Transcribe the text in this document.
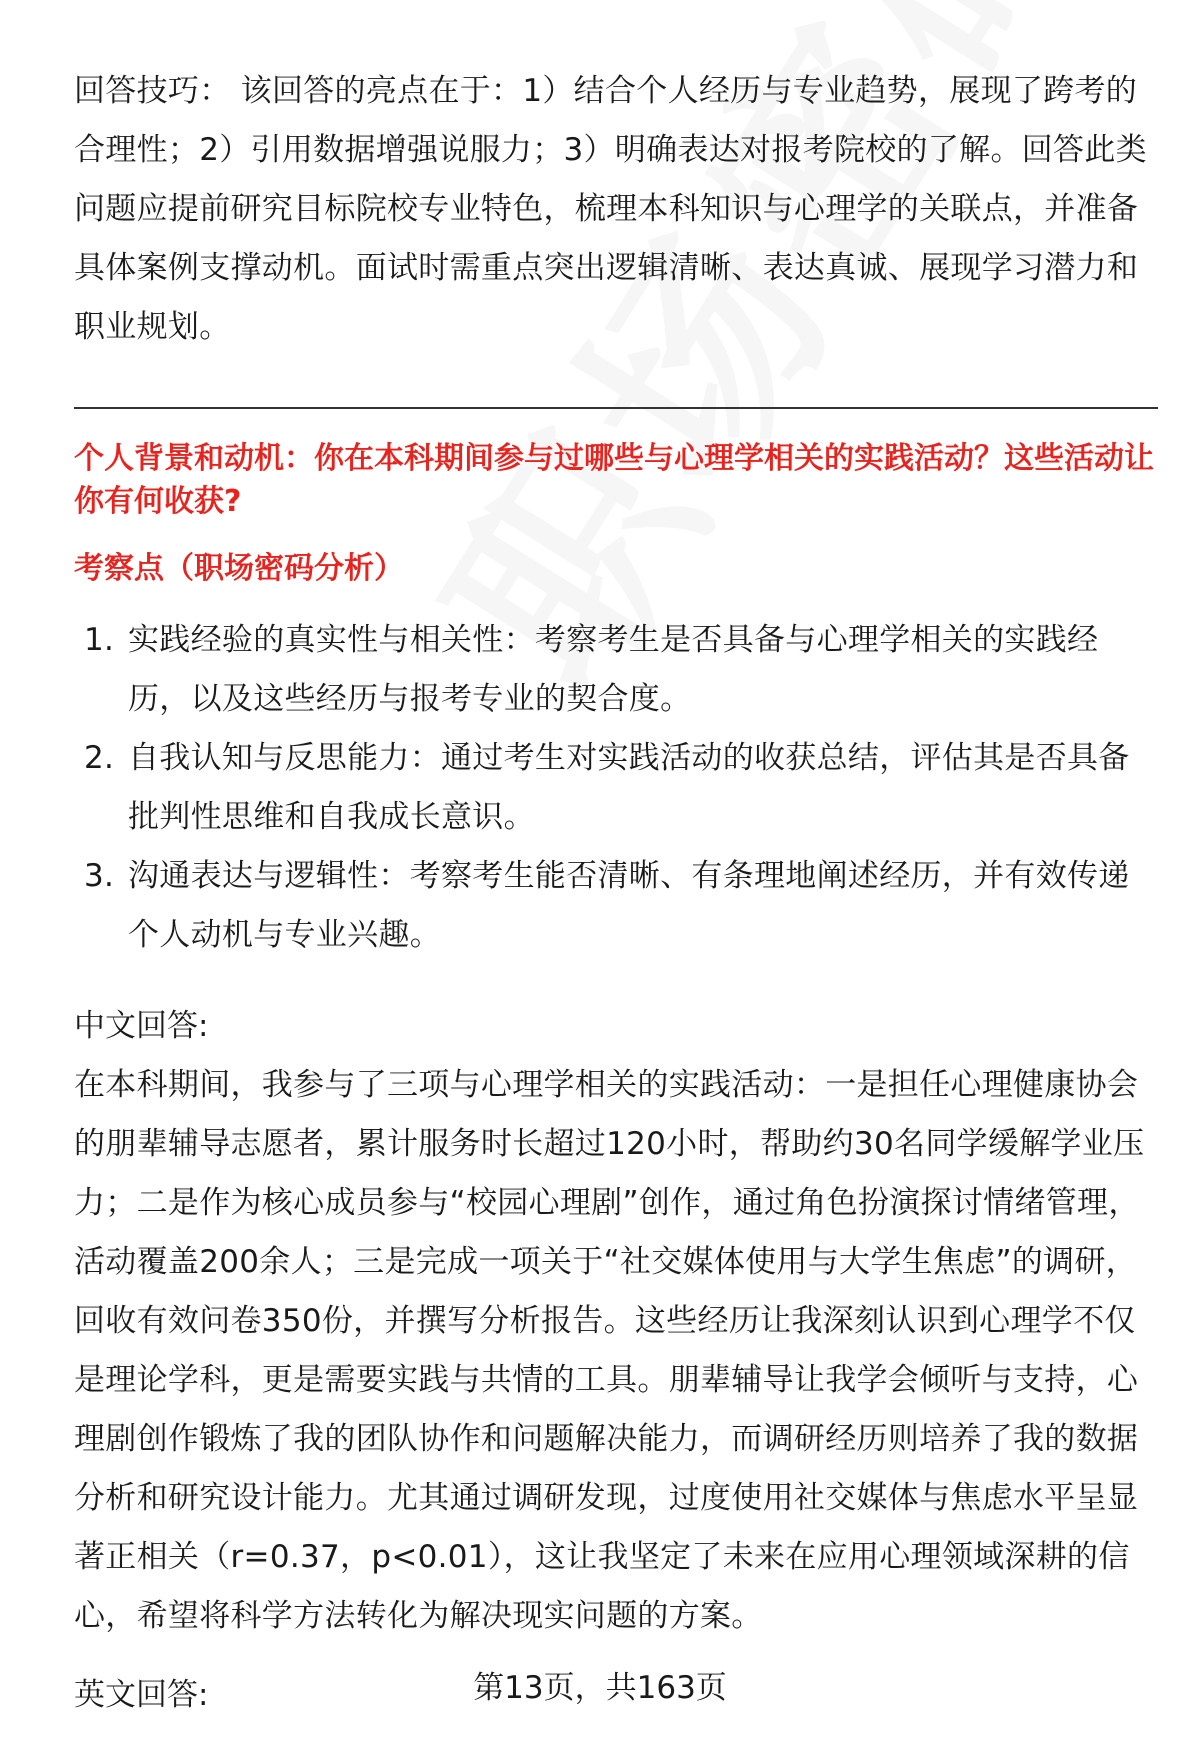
回答技巧： 该回答的亮点在于：1）结合个人经历与专业趋势，展现了跨考的合理性；2）引用数据增强说服力；3）明确表达对报考院校的了解。回答此类问题应提前研究目标院校专业特色，梳理本科知识与心理学的关联点，并准备具体案例支撑动机。面试时需重点突出逻辑清晰、表达真诚、展现学习潜力和职业规划。

个人背景和动机：你在本科期间参与过哪些与心理学相关的实践活动？这些活动让你有何收获?
考察点（职场密码分析）
1. 实践经验的真实性与相关性：考察考生是否具备与心理学相关的实践经历，以及这些经历与报考专业的契合度。
2. 自我认知与反思能力：通过考生对实践活动的收获总结，评估其是否具备批判性思维和自我成长意识。
3. 沟通表达与逻辑性：考察考生能否清晰、有条理地阐述经历，并有效传递个人动机与专业兴趣。
中文回答:

在本科期间，我参与了三项与心理学相关的实践活动：一是担任心理健康协会的朋辈辅导志愿者，累计服务时长超过120小时，帮助约30名同学缓解学业压力；二是作为核心成员参与“校园心理剧”创作，通过角色扮演探讨情绪管理，活动覆盖200余人；三是完成一项关于“社交媒体使用与大学生焦虑”的调研，回收有效问卷350份，并撰写分析报告。这些经历让我深刻认识到心理学不仅是理论学科，更是需要实践与共情的工具。朋辈辅导让我学会倾听与支持，心理剧创作锻炼了我的团队协作和问题解决能力，而调研经历则培养了我的数据分析和研究设计能力。尤其通过调研发现，过度使用社交媒体与焦虑水平呈显著正相关（r=0.37，p<0.01），这让我坚定了未来在应用心理领域深耕的信心，希望将科学方法转化为解决现实问题的方案。

英文回答:	第13页，共163页
